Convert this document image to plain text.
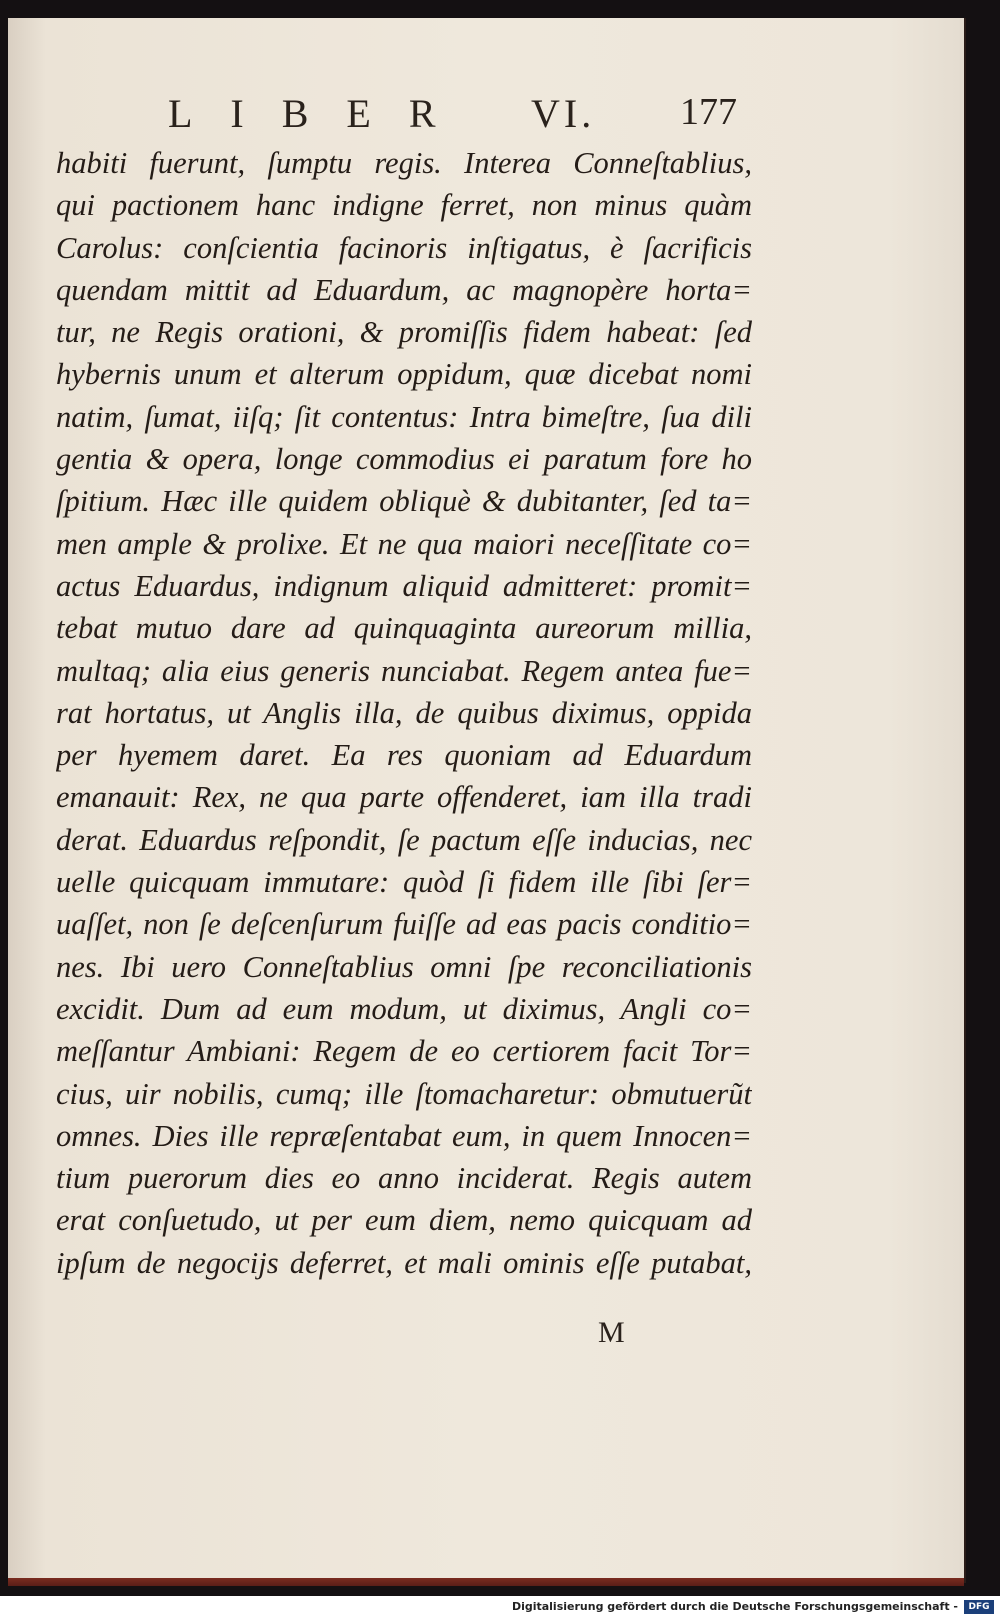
LIBER VI. 177
habiti fuerunt, ſumptu regis. Interea Conneſtablius,
qui pactionem hanc indigne ferret, non minus quàm
Carolus: conſcientia facinoris inſtigatus, è ſacrificis
quendam mittit ad Eduardum, ac magnopère horta=
tur, ne Regis orationi, & promiſſis fidem habeat: ſed
hybernis unum et alterum oppidum, quæ dicebat nomi
natim, ſumat, iiſq; ſit contentus: Intra bimeſtre, ſua dili
gentia & opera, longe commodius ei paratum fore ho
ſpitium. Hæc ille quidem obliquè & dubitanter, ſed ta=
men ample & prolixe. Et ne qua maiori neceſſitate co=
actus Eduardus, indignum aliquid admitteret: promit=
tebat mutuo dare ad quinquaginta aureorum millia,
multaq; alia eius generis nunciabat. Regem antea fue=
rat hortatus, ut Anglis illa, de quibus diximus, oppida
per hyemem daret. Ea res quoniam ad Eduardum
emanauit: Rex, ne qua parte offenderet, iam illa tradi
derat. Eduardus reſpondit, ſe pactum eſſe inducias, nec
uelle quicquam immutare: quòd ſi fidem ille ſibi ſer=
uaſſet, non ſe deſcenſurum fuiſſe ad eas pacis conditio=
nes. Ibi uero Conneſtablius omni ſpe reconciliationis
excidit. Dum ad eum modum, ut diximus, Angli co=
meſſantur Ambiani: Regem de eo certiorem facit Tor=
cius, uir nobilis, cumq; ille ſtomacharetur: obmutuerũt
omnes. Dies ille repræſentabat eum, in quem Innocen=
tium puerorum dies eo anno inciderat. Regis autem
erat conſuetudo, ut per eum diem, nemo quicquam ad
ipſum de negocijs deferret, et mali ominis eſſe putabat,
M
Digitalisierung gefördert durch die Deutsche Forschungsgemeinschaft -	DFG
